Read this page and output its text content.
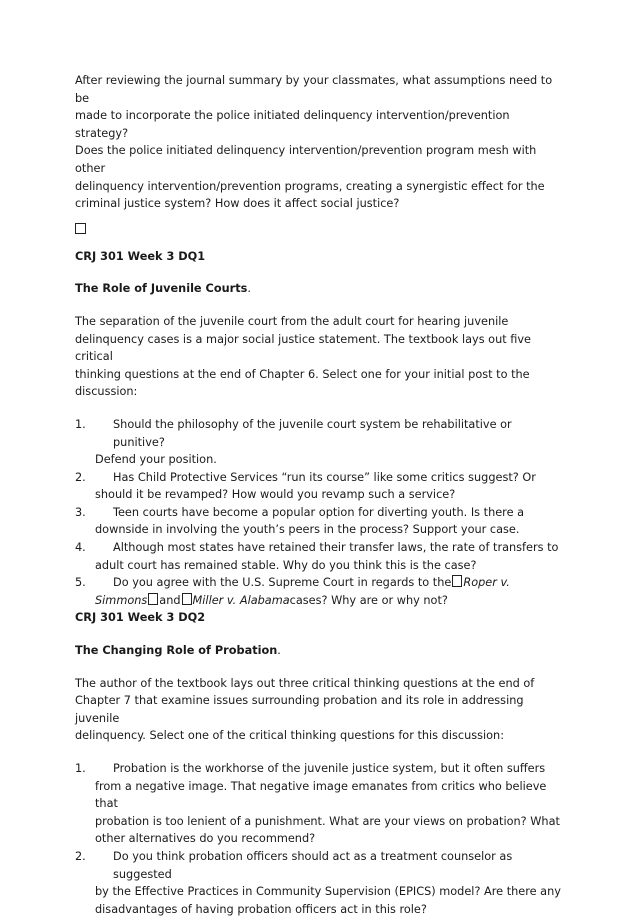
After reviewing the journal summary by your classmates, what assumptions need to be
made to incorporate the police initiated delinquency intervention/prevention strategy?
Does the police initiated delinquency intervention/prevention program mesh with other
delinquency intervention/prevention programs, creating a synergistic effect for the
criminal justice system? How does it affect social justice?

CRJ 301 Week 3 DQ1

The Role of Juvenile Courts.

The separation of the juvenile court from the adult court for hearing juvenile
delinquency cases is a major social justice statement. The textbook lays out five critical
thinking questions at the end of Chapter 6. Select one for your initial post to the
discussion:

1. Should the philosophy of the juvenile court system be rehabilitative or punitive?
Defend your position.
2. Has Child Protective Services “run its course” like some critics suggest? Or
should it be revamped? How would you revamp such a service?
3. Teen courts have become a popular option for diverting youth. Is there a
downside in involving the youth’s peers in the process? Support your case.
4. Although most states have retained their transfer laws, the rate of transfers to
adult court has remained stable. Why do you think this is the case?
5. Do you agree with the U.S. Supreme Court in regards to the Roper v.
Simmons and Miller v. Alabamacases? Why are or why not?

CRJ 301 Week 3 DQ2

The Changing Role of Probation.

The author of the textbook lays out three critical thinking questions at the end of
Chapter 7 that examine issues surrounding probation and its role in addressing juvenile
delinquency. Select one of the critical thinking questions for this discussion:

1. Probation is the workhorse of the juvenile justice system, but it often suffers
from a negative image. That negative image emanates from critics who believe that
probation is too lenient of a punishment. What are your views on probation? What
other alternatives do you recommend?
2. Do you think probation officers should act as a treatment counselor as suggested
by the Effective Practices in Community Supervision (EPICS) model? Are there any
disadvantages of having probation officers act in this role?
